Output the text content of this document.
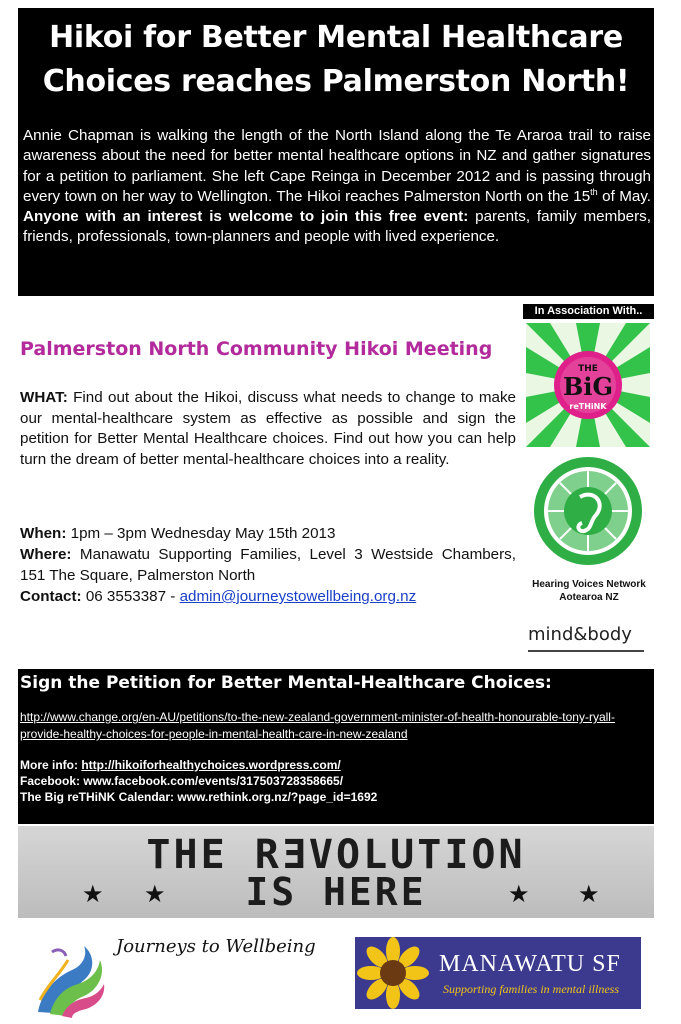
Hikoi for Better Mental Healthcare
Choices reaches Palmerston North!
Annie Chapman is walking the length of the North Island along the Te Araroa trail to raise awareness about the need for better mental healthcare options in NZ and gather signatures for a petition to parliament. She left Cape Reinga in December 2012 and is passing through every town on her way to Wellington. The Hikoi reaches Palmerston North on the 15th of May. Anyone with an interest is welcome to join this free event: parents, family members, friends, professionals, town-planners and people with lived experience.
Palmerston North Community Hikoi Meeting
WHAT: Find out about the Hikoi, discuss what needs to change to make our mental-healthcare system as effective as possible and sign the petition for Better Mental Healthcare choices. Find out how you can help turn the dream of better mental-healthcare choices into a reality.
When: 1pm – 3pm Wednesday May 15th 2013
Where: Manawatu Supporting Families, Level 3 Westside Chambers, 151 The Square, Palmerston North
Contact: 06 3553387 - admin@journeystowellbeing.org.nz
In Association With..
THE
BiG
reTHiNK
Hearing Voices Network
Aotearoa NZ
mind&body
Sign the Petition for Better Mental-Healthcare Choices:
http://www.change.org/en-AU/petitions/to-the-new-zealand-government-minister-of-health-honourable-tony-ryall-provide-healthy-choices-for-people-in-mental-health-care-in-new-zealand
More info: http://hikoiforhealthychoices.wordpress.com/
Facebook: www.facebook.com/events/317503728358665/
The Big reTHiNK Calendar: www.rethink.org.nz/?page_id=1692
THE RƎVOLUTION
IS HERE
★ ★	★ ★
Journeys to Wellbeing
MANAWATU SF
Supporting families in mental illness
